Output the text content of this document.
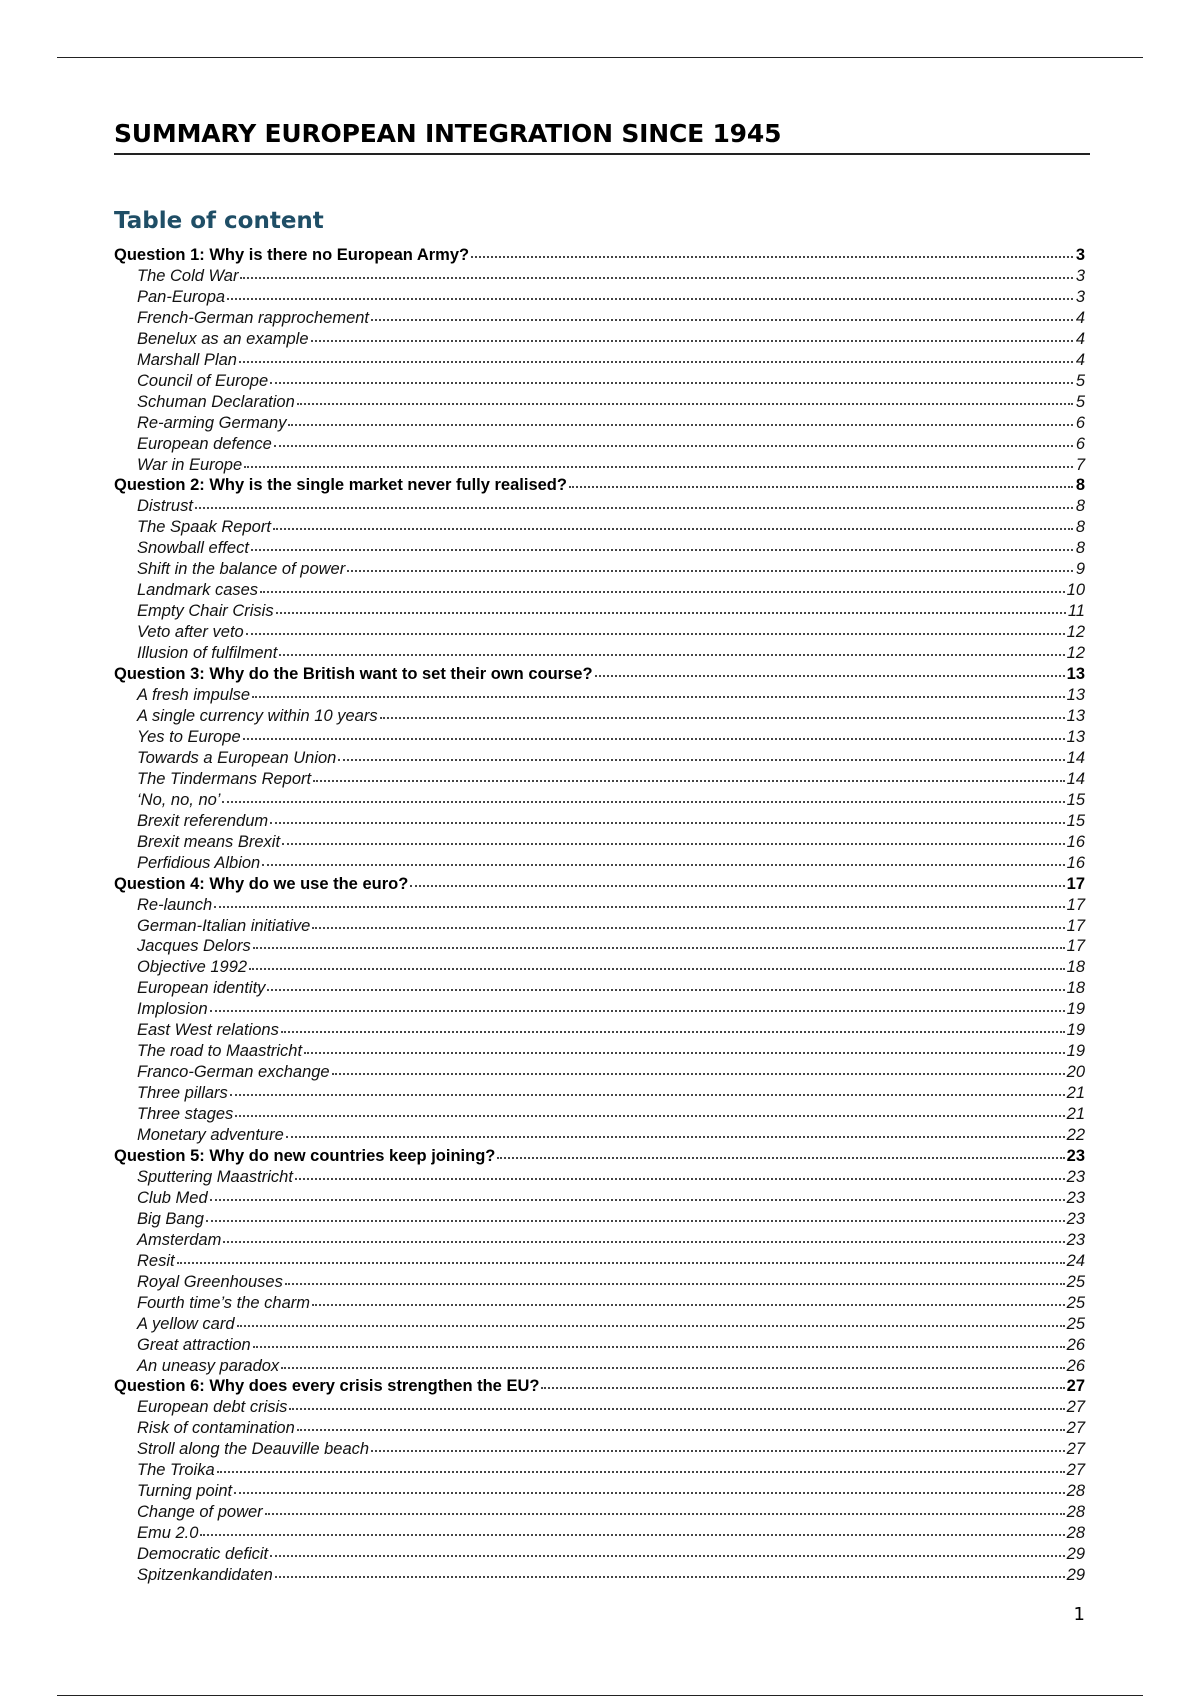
SUMMARY EUROPEAN INTEGRATION SINCE 1945
Table of content
Question 1: Why is there no European Army?	3
The Cold War	3
Pan-Europa	3
French-German rapprochement	4
Benelux as an example	4
Marshall Plan	4
Council of Europe	5
Schuman Declaration	5
Re-arming Germany	6
European defence	6
War in Europe	7
Question 2: Why is the single market never fully realised?	8
Distrust	8
The Spaak Report	8
Snowball effect	8
Shift in the balance of power	9
Landmark cases	10
Empty Chair Crisis	11
Veto after veto	12
Illusion of fulfilment	12
Question 3: Why do the British want to set their own course?	13
A fresh impulse	13
A single currency within 10 years	13
Yes to Europe	13
Towards a European Union	14
The Tindermans Report	14
‘No, no, no’	15
Brexit referendum	15
Brexit means Brexit	16
Perfidious Albion	16
Question 4: Why do we use the euro?	17
Re-launch	17
German-Italian initiative	17
Jacques Delors	17
Objective 1992	18
European identity	18
Implosion	19
East West relations	19
The road to Maastricht	19
Franco-German exchange	20
Three pillars	21
Three stages	21
Monetary adventure	22
Question 5: Why do new countries keep joining?	23
Sputtering Maastricht	23
Club Med	23
Big Bang	23
Amsterdam	23
Resit	24
Royal Greenhouses	25
Fourth time’s the charm	25
A yellow card	25
Great attraction	26
An uneasy paradox	26
Question 6: Why does every crisis strengthen the EU?	27
European debt crisis	27
Risk of contamination	27
Stroll along the Deauville beach	27
The Troika	27
Turning point	28
Change of power	28
Emu 2.0	28
Democratic deficit	29
Spitzenkandidaten	29
1
